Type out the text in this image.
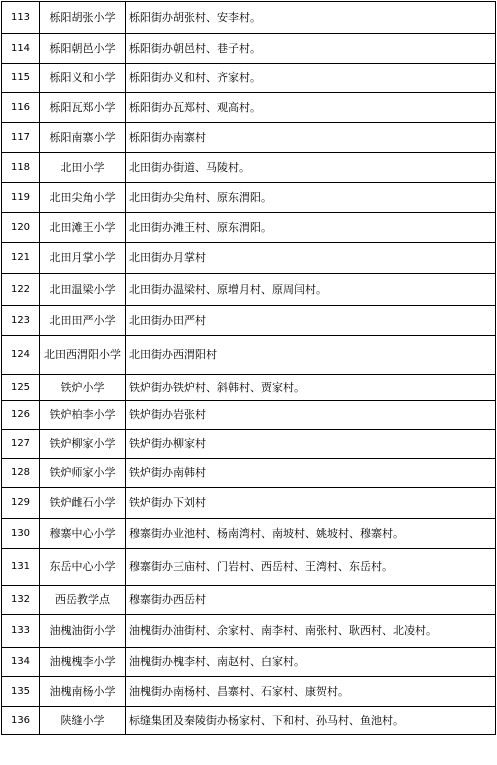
113	栎阳胡张小学	栎阳街办胡张村、安李村。
114	栎阳朝邑小学	栎阳街办朝邑村、巷子村。
115	栎阳义和小学	栎阳街办义和村、齐家村。
116	栎阳瓦郑小学	栎阳街办瓦郑村、观高村。
117	栎阳南寨小学	栎阳街办南寨村
118	北田小学	北田街办街道、马陵村。
119	北田尖角小学	北田街办尖角村、原东渭阳。
120	北田滩王小学	北田街办滩王村、原东渭阳。
121	北田月掌小学	北田街办月掌村
122	北田温梁小学	北田街办温梁村、原增月村、原周闫村。
123	北田田严小学	北田街办田严村
124	北田西渭阳小学	北田街办西渭阳村
125	铁炉小学	铁炉街办铁炉村、斜韩村、贾家村。
126	铁炉柏李小学	铁炉街办岩张村
127	铁炉柳家小学	铁炉街办柳家村
128	铁炉师家小学	铁炉街办南韩村
129	铁炉雌石小学	铁炉街办下刘村
130	穆寨中心小学	穆寨街办业池村、杨南湾村、南坡村、姚坡村、穆寨村。
131	东岳中心小学	穆寨街办三庙村、门岩村、西岳村、王湾村、东岳村。
132	西岳教学点	穆寨街办西岳村
133	油槐油街小学	油槐街办油街村、余家村、南李村、南张村、耿西村、北凌村。
134	油槐槐李小学	油槐街办槐李村、南赵村、白家村。
135	油槐南杨小学	油槐街办南杨村、昌寨村、石家村、康贺村。
136	陕缝小学	标缝集团及秦陵街办杨家村、下和村、孙马村、鱼池村。
